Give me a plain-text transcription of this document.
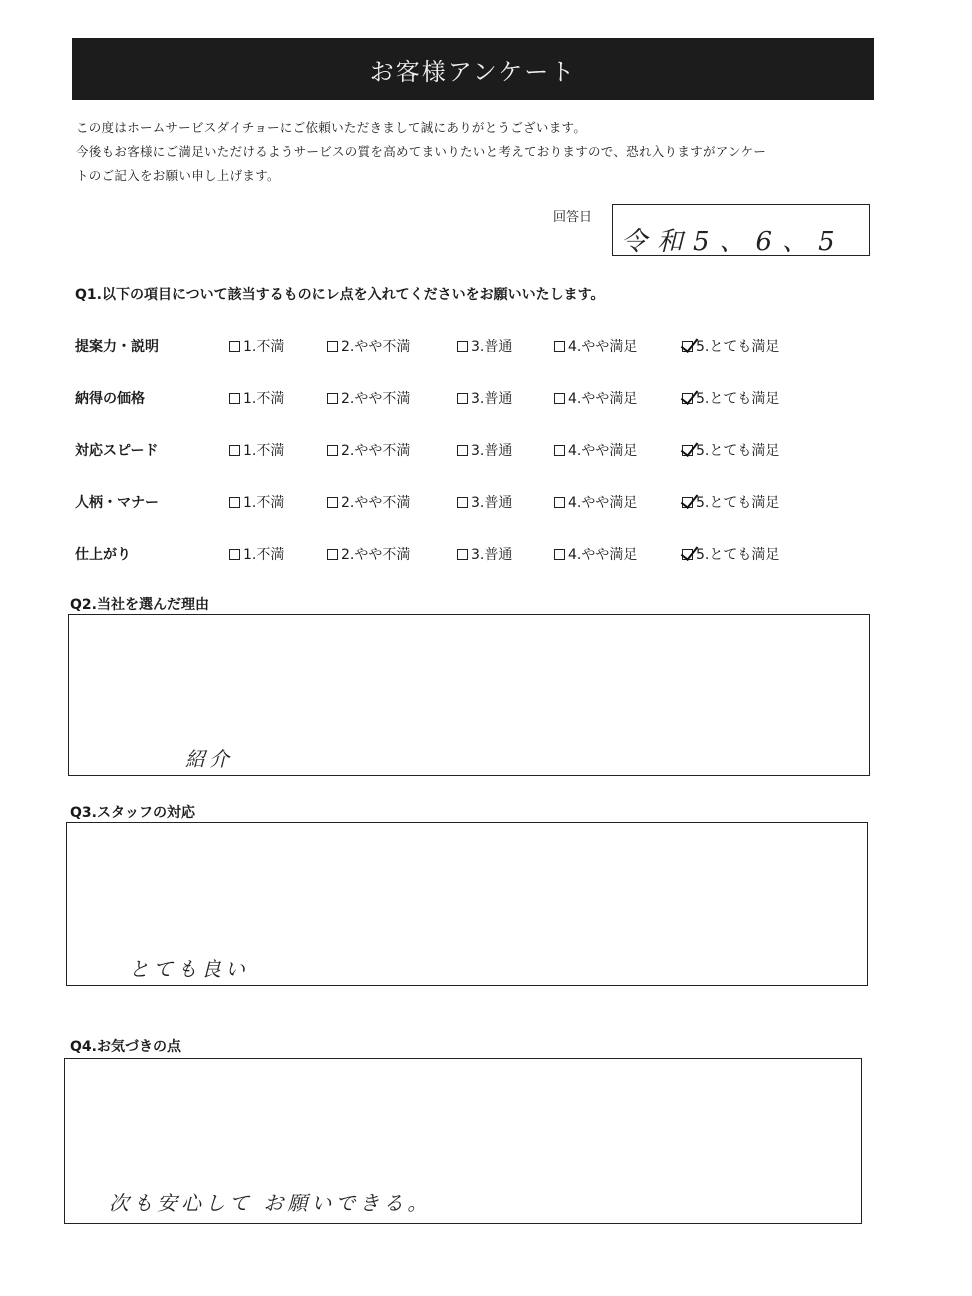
お客様アンケート
この度はホームサービスダイチョーにご依頼いただきまして誠にありがとうございます。
今後もお客様にご満足いただけるようサービスの質を高めてまいりたいと考えておりますので、恐れ入りますがアンケー
トのご記入をお願い申し上げます。
回答日
令和5、6、5
Q1.以下の項目について該当するものにレ点を入れてくださいをお願いいたします。
提案力・説明	1.不満	2.やや不満	3.普通	4.やや満足	5.とても満足
納得の価格	1.不満	2.やや不満	3.普通	4.やや満足	5.とても満足
対応スピード	1.不満	2.やや不満	3.普通	4.やや満足	5.とても満足
人柄・マナー	1.不満	2.やや不満	3.普通	4.やや満足	5.とても満足
仕上がり	1.不満	2.やや不満	3.普通	4.やや満足	5.とても満足
Q2.当社を選んだ理由
紹介
Q3.スタッフの対応
とても良い
Q4.お気づきの点
次も安心して お願いできる。
